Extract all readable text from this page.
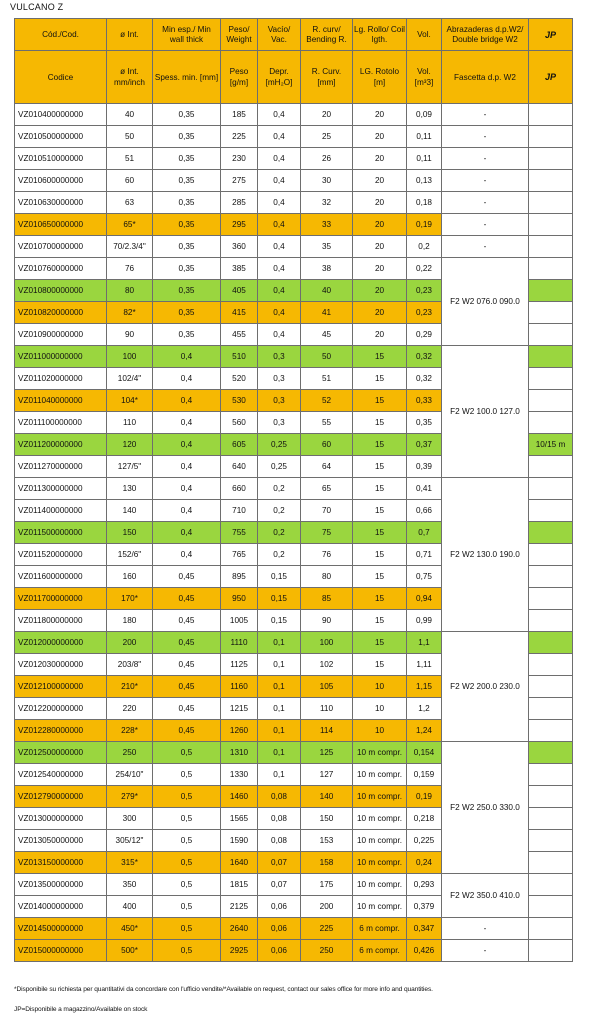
VULCANO Z
Cód./Cod.	ø Int.	Min esp./ Min wall thick	Peso/ Weight	Vacío/ Vac.	R. curv/ Bending R.	Lg. Rollo/ Coil lgth.	Vol.	Abrazaderas d.p.W2/ Double bridge W2	JP
Codice	ø Int. mm/inch	Spess. min. [mm]	Peso [g/m]	Depr. [mH₂O]	R. Curv. [mm]	LG. Rotolo [m]	Vol. [m³3]	Fascetta d.p. W2	JP
VZ010400000000	40	0,35	185	0,4	20	20	0,09	-	
VZ010500000000	50	0,35	225	0,4	25	20	0,11	-	
VZ010510000000	51	0,35	230	0,4	26	20	0,11	-	
VZ010600000000	60	0,35	275	0,4	30	20	0,13	-	
VZ010630000000	63	0,35	285	0,4	32	20	0,18	-	
VZ010650000000	65*	0,35	295	0,4	33	20	0,19	-	
VZ010700000000	70/2.3/4"	0,35	360	0,4	35	20	0,2	-	
VZ010760000000	76	0,35	385	0,4	38	20	0,22	F2 W2 076.0 090.0	
VZ010800000000	80	0,35	405	0,4	40	20	0,23		
VZ010820000000	82*	0,35	415	0,4	41	20	0,23		
VZ010900000000	90	0,35	455	0,4	45	20	0,29		
VZ011000000000	100	0,4	510	0,3	50	15	0,32	F2 W2 100.0 127.0	
VZ011020000000	102/4"	0,4	520	0,3	51	15	0,32		
VZ011040000000	104*	0,4	530	0,3	52	15	0,33		
VZ011100000000	110	0,4	560	0,3	55	15	0,35		
VZ011200000000	120	0,4	605	0,25	60	15	0,37		10/15 m
VZ011270000000	127/5"	0,4	640	0,25	64	15	0,39		
VZ011300000000	130	0,4	660	0,2	65	15	0,41	F2 W2 130.0 190.0	
VZ011400000000	140	0,4	710	0,2	70	15	0,66		
VZ011500000000	150	0,4	755	0,2	75	15	0,7		
VZ011520000000	152/6"	0,4	765	0,2	76	15	0,71		
VZ011600000000	160	0,45	895	0,15	80	15	0,75		
VZ011700000000	170*	0,45	950	0,15	85	15	0,94		
VZ011800000000	180	0,45	1005	0,15	90	15	0,99		
VZ012000000000	200	0,45	1110	0,1	100	15	1,1	F2 W2 200.0 230.0	
VZ012030000000	203/8"	0,45	1125	0,1	102	15	1,11		
VZ012100000000	210*	0,45	1160	0,1	105	10	1,15		
VZ012200000000	220	0,45	1215	0,1	110	10	1,2		
VZ012280000000	228*	0,45	1260	0,1	114	10	1,24		
VZ012500000000	250	0,5	1310	0,1	125	10 m compr.	0,154	F2 W2 250.0 330.0	
VZ012540000000	254/10"	0,5	1330	0,1	127	10 m compr.	0,159		
VZ012790000000	279*	0,5	1460	0,08	140	10 m compr.	0,19		
VZ013000000000	300	0,5	1565	0,08	150	10 m compr.	0,218		
VZ013050000000	305/12"	0,5	1590	0,08	153	10 m compr.	0,225		
VZ013150000000	315*	0,5	1640	0,07	158	10 m compr.	0,24		
VZ013500000000	350	0,5	1815	0,07	175	10 m compr.	0,293	F2 W2 350.0 410.0	
VZ014000000000	400	0,5	2125	0,06	200	10 m compr.	0,379		
VZ014500000000	450*	0,5	2640	0,06	225	6 m compr.	0,347	-	
VZ015000000000	500*	0,5	2925	0,06	250	6 m compr.	0,426	-	
*Disponibile su richiesta per quantitativi da concordare con l'ufficio vendite/*Available on request, contact our sales office for more info and quantities.
JP=Disponibile a magazzino/Available on stock
